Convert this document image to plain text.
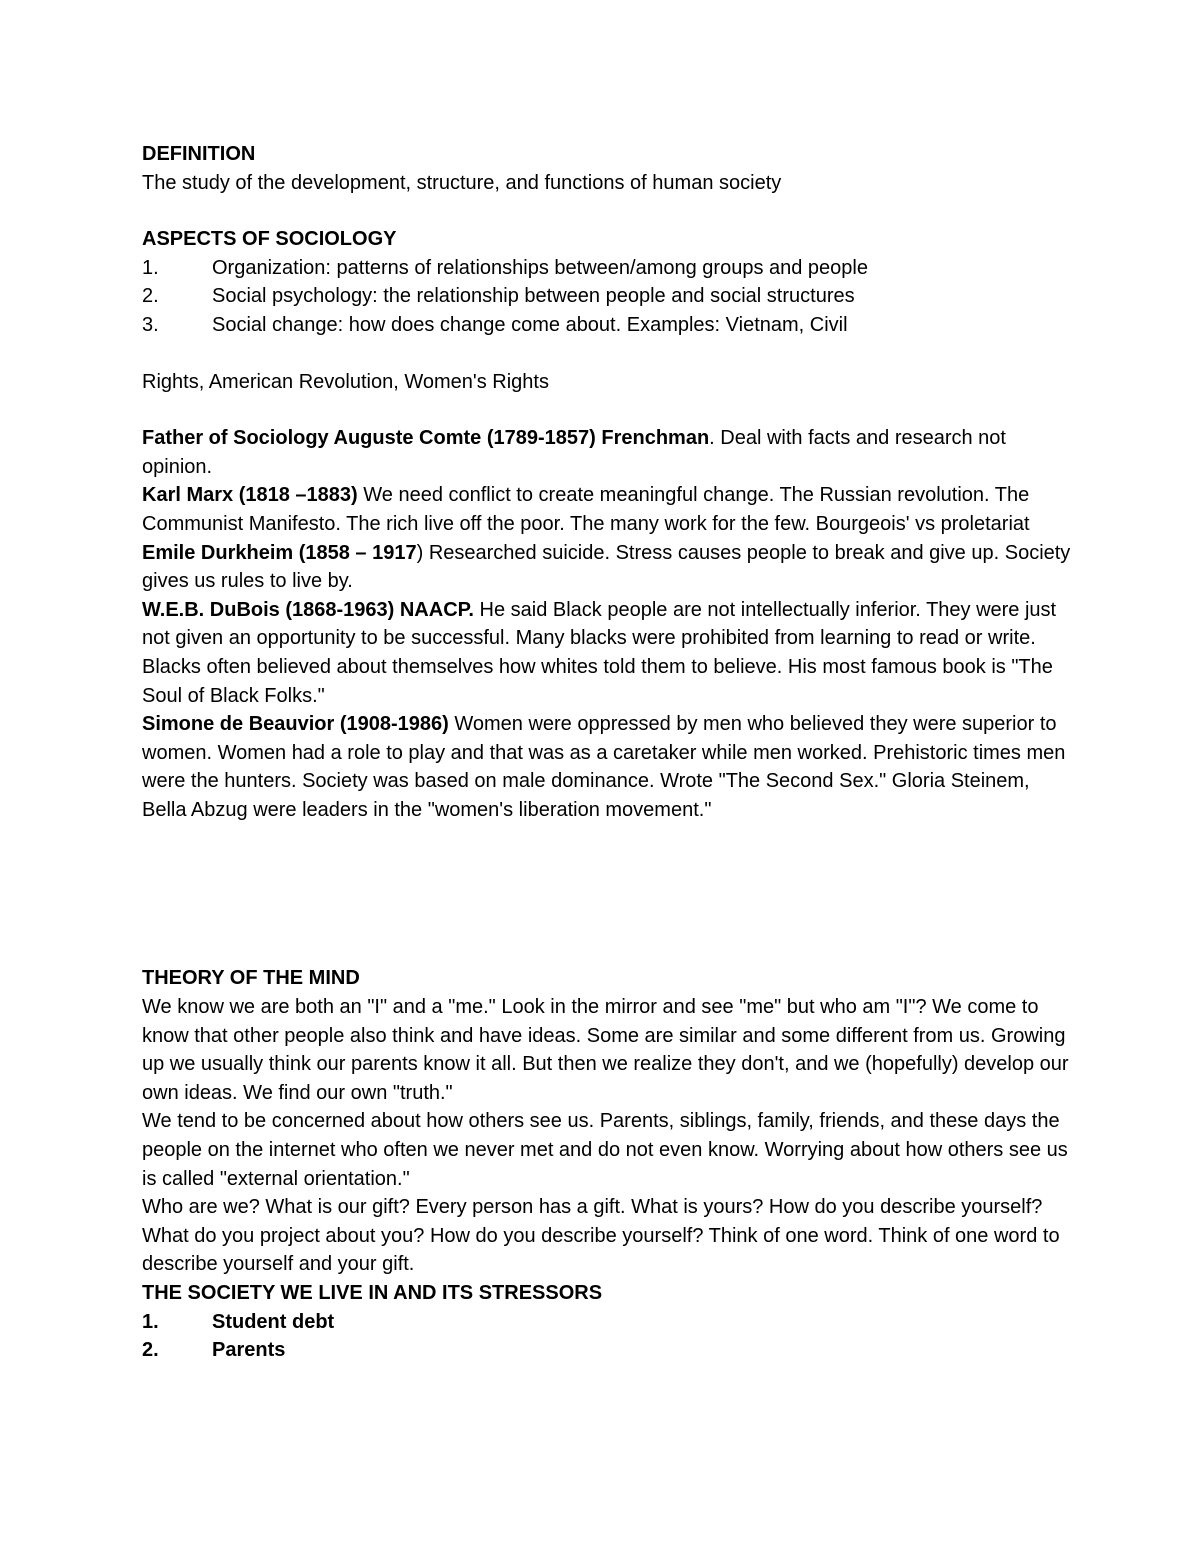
DEFINITION
The study of the development, structure, and functions of human society
ASPECTS OF SOCIOLOGY
1.	Organization: patterns of relationships between/among groups and people
2.	Social psychology: the relationship between people and social structures
3.	Social change: how does change come about. Examples: Vietnam, Civil
Rights, American Revolution, Women's Rights
Father of Sociology Auguste Comte (1789-1857) Frenchman. Deal with facts and research not opinion.
Karl Marx (1818 –1883) We need conflict to create meaningful change. The Russian revolution. The Communist Manifesto. The rich live off the poor. The many work for the few. Bourgeois' vs proletariat
Emile Durkheim (1858 – 1917) Researched suicide. Stress causes people to break and give up. Society gives us rules to live by.
W.E.B. DuBois (1868-1963) NAACP. He said Black people are not intellectually inferior. They were just not given an opportunity to be successful. Many blacks were prohibited from learning to read or write. Blacks often believed about themselves how whites told them to believe. His most famous book is "The Soul of Black Folks."
Simone de Beauvior (1908-1986) Women were oppressed by men who believed they were superior to women. Women had a role to play and that was as a caretaker while men worked. Prehistoric times men were the hunters. Society was based on male dominance. Wrote "The Second Sex." Gloria Steinem, Bella Abzug were leaders in the "women's liberation movement."
THEORY OF THE MIND
We know we are both an "I" and a "me." Look in the mirror and see "me" but who am "I"? We come to know that other people also think and have ideas. Some are similar and some different from us. Growing up we usually think our parents know it all. But then we realize they don't, and we (hopefully) develop our own ideas. We find our own "truth."
We tend to be concerned about how others see us. Parents, siblings, family, friends, and these days the people on the internet who often we never met and do not even know. Worrying about how others see us is called "external orientation."
Who are we? What is our gift? Every person has a gift. What is yours? How do you describe yourself? What do you project about you? How do you describe yourself? Think of one word. Think of one word to describe yourself and your gift.
THE SOCIETY WE LIVE IN AND ITS STRESSORS
1.	Student debt
2.	Parents
